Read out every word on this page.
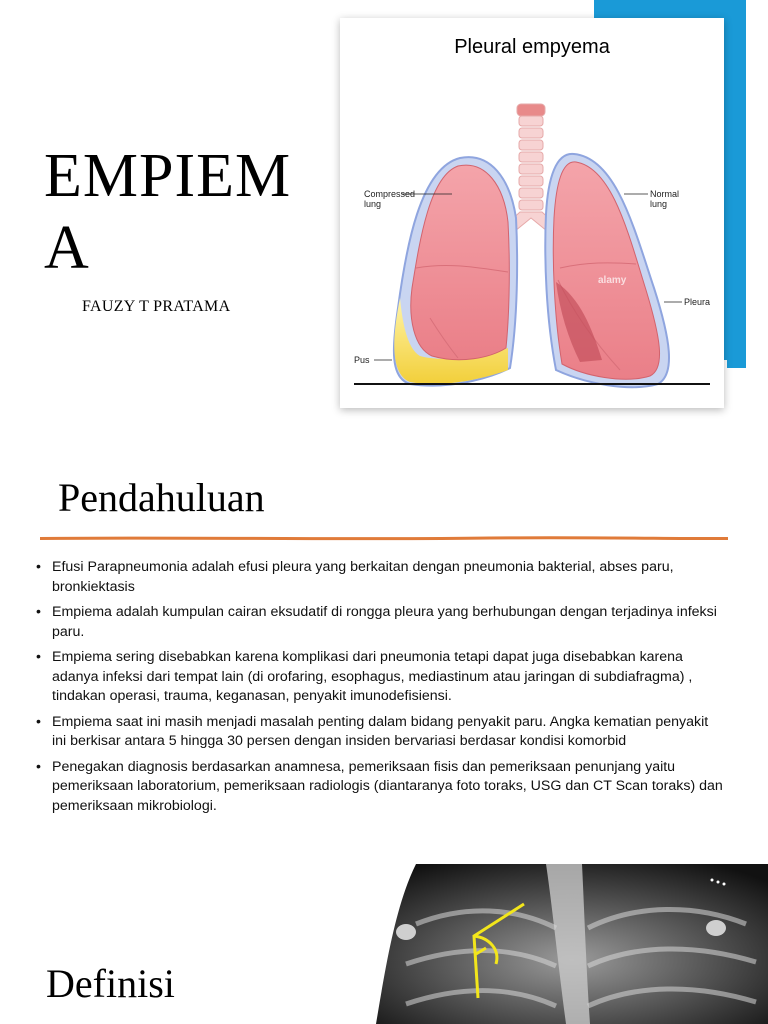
EMPIEMA
FAUZY T PRATAMA
Pleural empyema
Compressed lung
Normal lung
Pleura
Pus
alamy
Pendahuluan
• Efusi Parapneumonia adalah efusi pleura yang berkaitan dengan pneumonia bakterial, abses paru, bronkiektasis
• Empiema adalah kumpulan cairan eksudatif di rongga pleura yang berhubungan dengan terjadinya infeksi paru.
• Empiema sering disebabkan karena komplikasi dari pneumonia tetapi dapat juga disebabkan karena adanya infeksi dari tempat lain (di orofaring, esophagus, mediastinum atau jaringan di subdiafragma) , tindakan operasi, trauma, keganasan, penyakit imunodefisiensi.
• Empiema saat ini masih menjadi masalah penting dalam bidang penyakit paru. Angka kematian penyakit ini berkisar antara 5 hingga 30 persen dengan insiden bervariasi berdasar kondisi komorbid
• Penegakan diagnosis berdasarkan anamnesa, pemeriksaan fisis dan pemeriksaan penunjang yaitu pemeriksaan laboratorium, pemeriksaan radiologis (diantaranya foto toraks, USG dan CT Scan toraks) dan pemeriksaan mikrobiologi.
Definisi
